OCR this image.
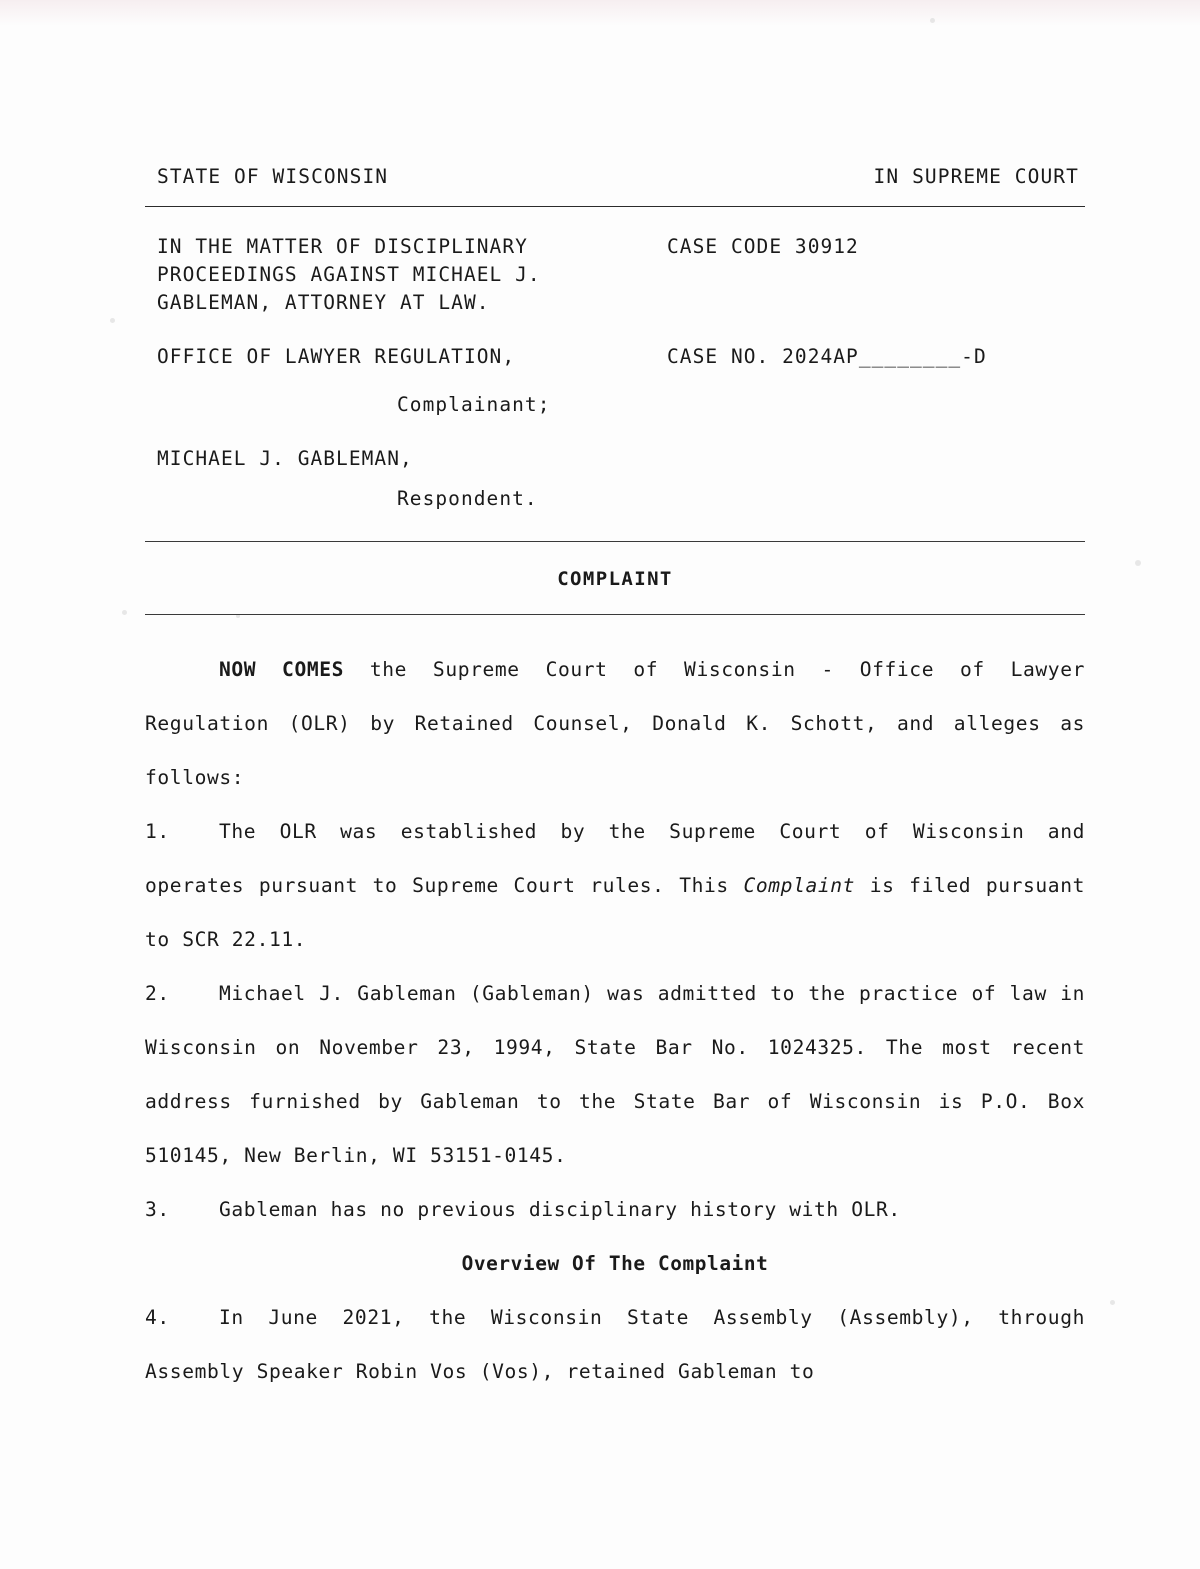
STATE OF WISCONSIN	IN SUPREME COURT
IN THE MATTER OF DISCIPLINARY
PROCEEDINGS AGAINST MICHAEL J.
GABLEMAN, ATTORNEY AT LAW.
CASE CODE 30912
OFFICE OF LAWYER REGULATION,	CASE NO. 2024AP________-D
Complainant;
MICHAEL J. GABLEMAN,
Respondent.
COMPLAINT

NOW COMES the Supreme Court of Wisconsin - Office of Lawyer Regulation (OLR) by Retained Counsel, Donald K. Schott, and alleges as follows:

1.	The OLR was established by the Supreme Court of Wisconsin and operates pursuant to Supreme Court rules. This Complaint is filed pursuant to SCR 22.11.

2.	Michael J. Gableman (Gableman) was admitted to the practice of law in Wisconsin on November 23, 1994, State Bar No. 1024325. The most recent address furnished by Gableman to the State Bar of Wisconsin is P.O. Box 510145, New Berlin, WI 53151-0145.

3.	Gableman has no previous disciplinary history with OLR.

Overview Of The Complaint

4.	In June 2021, the Wisconsin State Assembly (Assembly), through Assembly Speaker Robin Vos (Vos), retained Gableman to
